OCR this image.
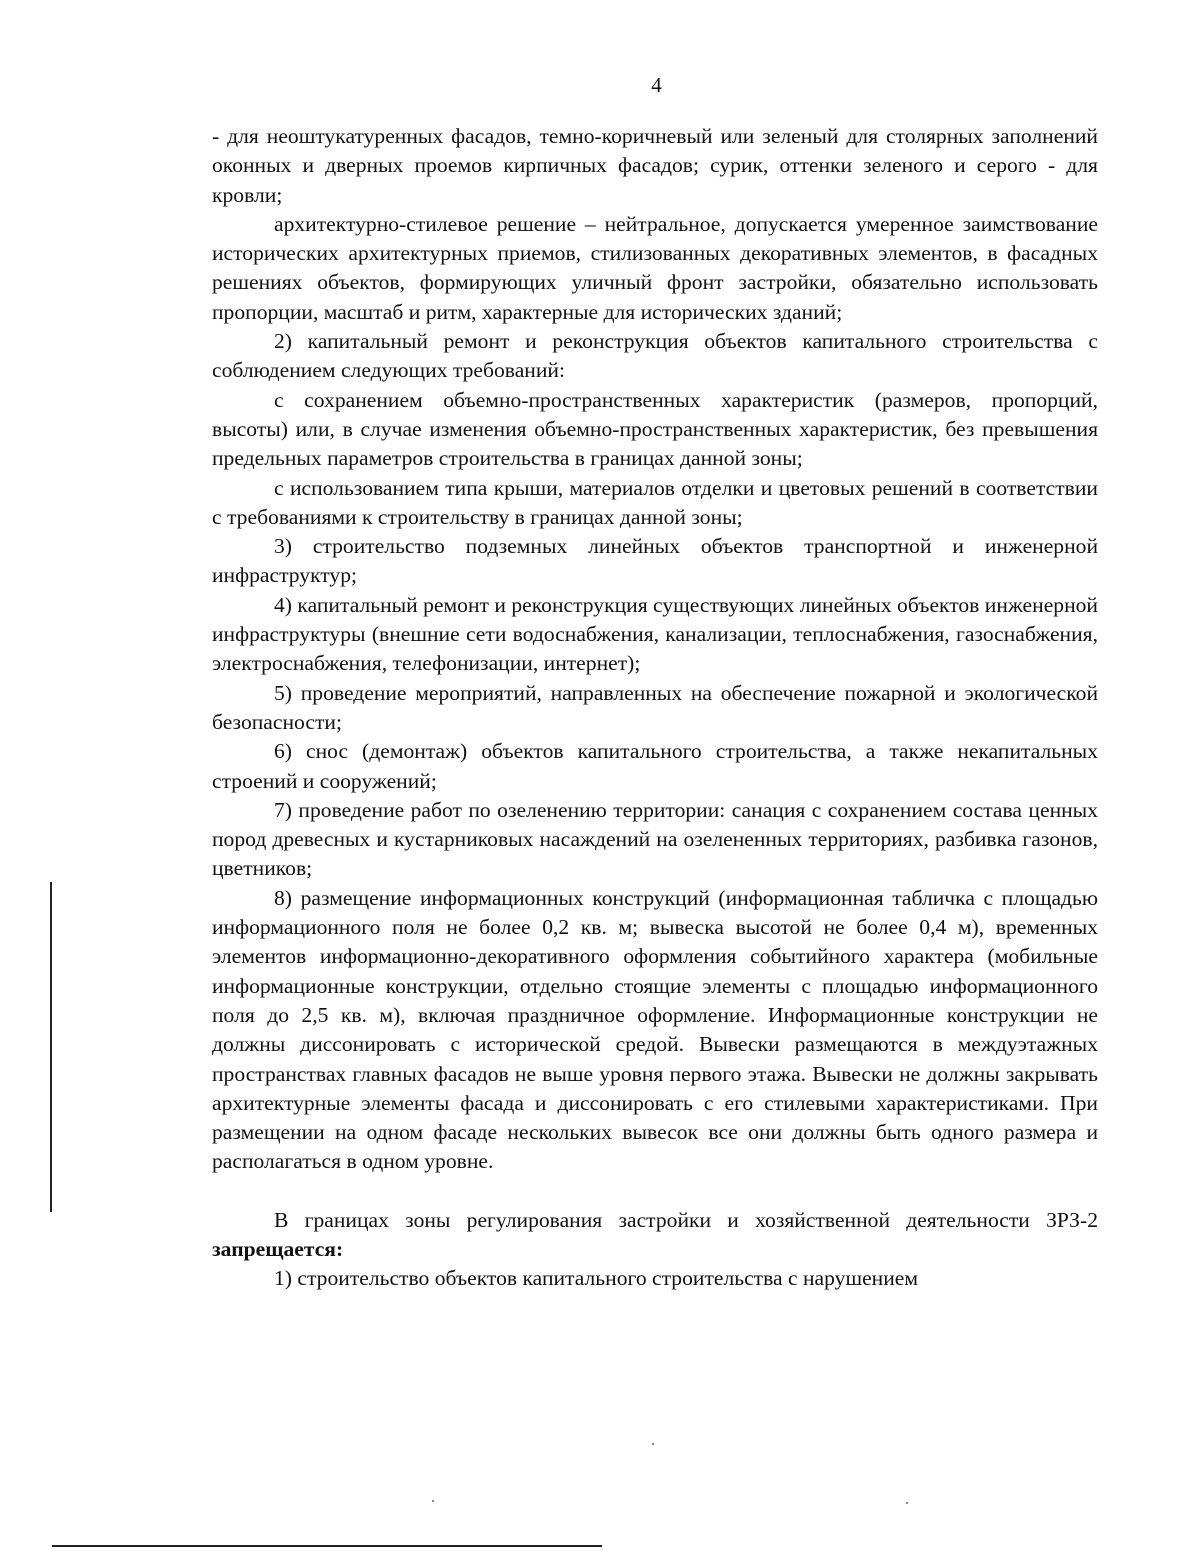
4

- для неоштукатуренных фасадов, темно-коричневый или зеленый для столярных заполнений оконных и дверных проемов кирпичных фасадов; сурик, оттенки зеленого и серого - для кровли;

архитектурно-стилевое решение – нейтральное, допускается умеренное заимствование исторических архитектурных приемов, стилизованных декоративных элементов, в фасадных решениях объектов, формирующих уличный фронт застройки, обязательно использовать пропорции, масштаб и ритм, характерные для исторических зданий;

2) капитальный ремонт и реконструкция объектов капитального строительства с соблюдением следующих требований:

с сохранением объемно-пространственных характеристик (размеров, пропорций, высоты) или, в случае изменения объемно-пространственных характеристик, без превышения предельных параметров строительства в границах данной зоны;

с использованием типа крыши, материалов отделки и цветовых решений в соответствии с требованиями к строительству в границах данной зоны;

3) строительство подземных линейных объектов транспортной и инженерной инфраструктур;

4) капитальный ремонт и реконструкция существующих линейных объектов инженерной инфраструктуры (внешние сети водоснабжения, канализации, теплоснабжения, газоснабжения, электроснабжения, телефонизации, интернет);

5) проведение мероприятий, направленных на обеспечение пожарной и экологической безопасности;

6) снос (демонтаж) объектов капитального строительства, а также некапитальных строений и сооружений;

7) проведение работ по озеленению территории: санация с сохранением состава ценных пород древесных и кустарниковых насаждений на озелененных территориях, разбивка газонов, цветников;

8) размещение информационных конструкций (информационная табличка с площадью информационного поля не более 0,2 кв. м; вывеска высотой не более 0,4 м), временных элементов информационно-декоративного оформления событийного характера (мобильные информационные конструкции, отдельно стоящие элементы с площадью информационного поля до 2,5 кв. м), включая праздничное оформление. Информационные конструкции не должны диссонировать с исторической средой. Вывески размещаются в междуэтажных пространствах главных фасадов не выше уровня первого этажа. Вывески не должны закрывать архитектурные элементы фасада и диссонировать с его стилевыми характеристиками. При размещении на одном фасаде нескольких вывесок все они должны быть одного размера и располагаться в одном уровне.

В границах зоны регулирования застройки и хозяйственной деятельности ЗРЗ-2 запрещается:

1) строительство объектов капитального строительства с нарушением
